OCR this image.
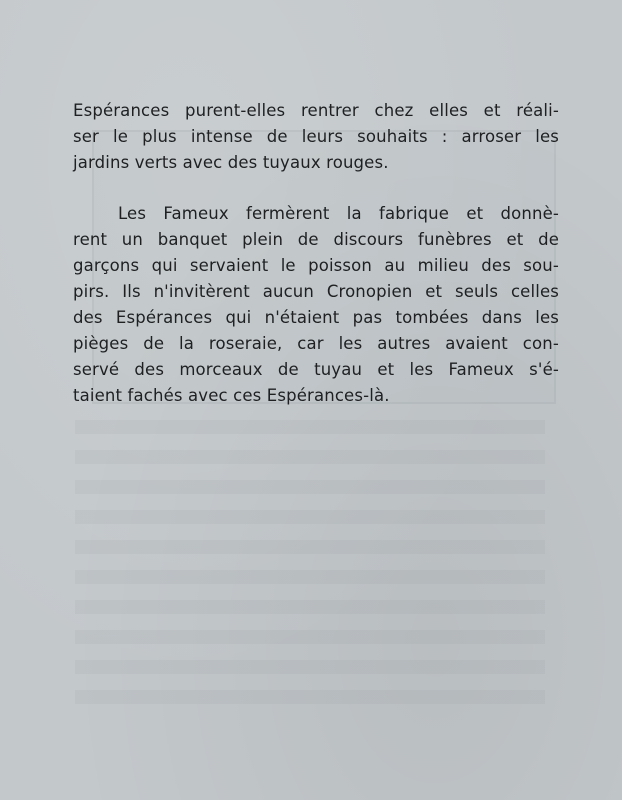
Espérances purent-elles rentrer chez elles et réali-
ser le plus intense de leurs souhaits : arroser les
jardins verts avec des tuyaux rouges.
Les Fameux fermèrent la fabrique et donnè-
rent un banquet plein de discours funèbres et de
garçons qui servaient le poisson au milieu des sou-
pirs. Ils n'invitèrent aucun Cronopien et seuls celles
des Espérances qui n'étaient pas tombées dans les
pièges de la roseraie, car les autres avaient con-
servé des morceaux de tuyau et les Fameux s'é-
taient fachés avec ces Espérances-là.
